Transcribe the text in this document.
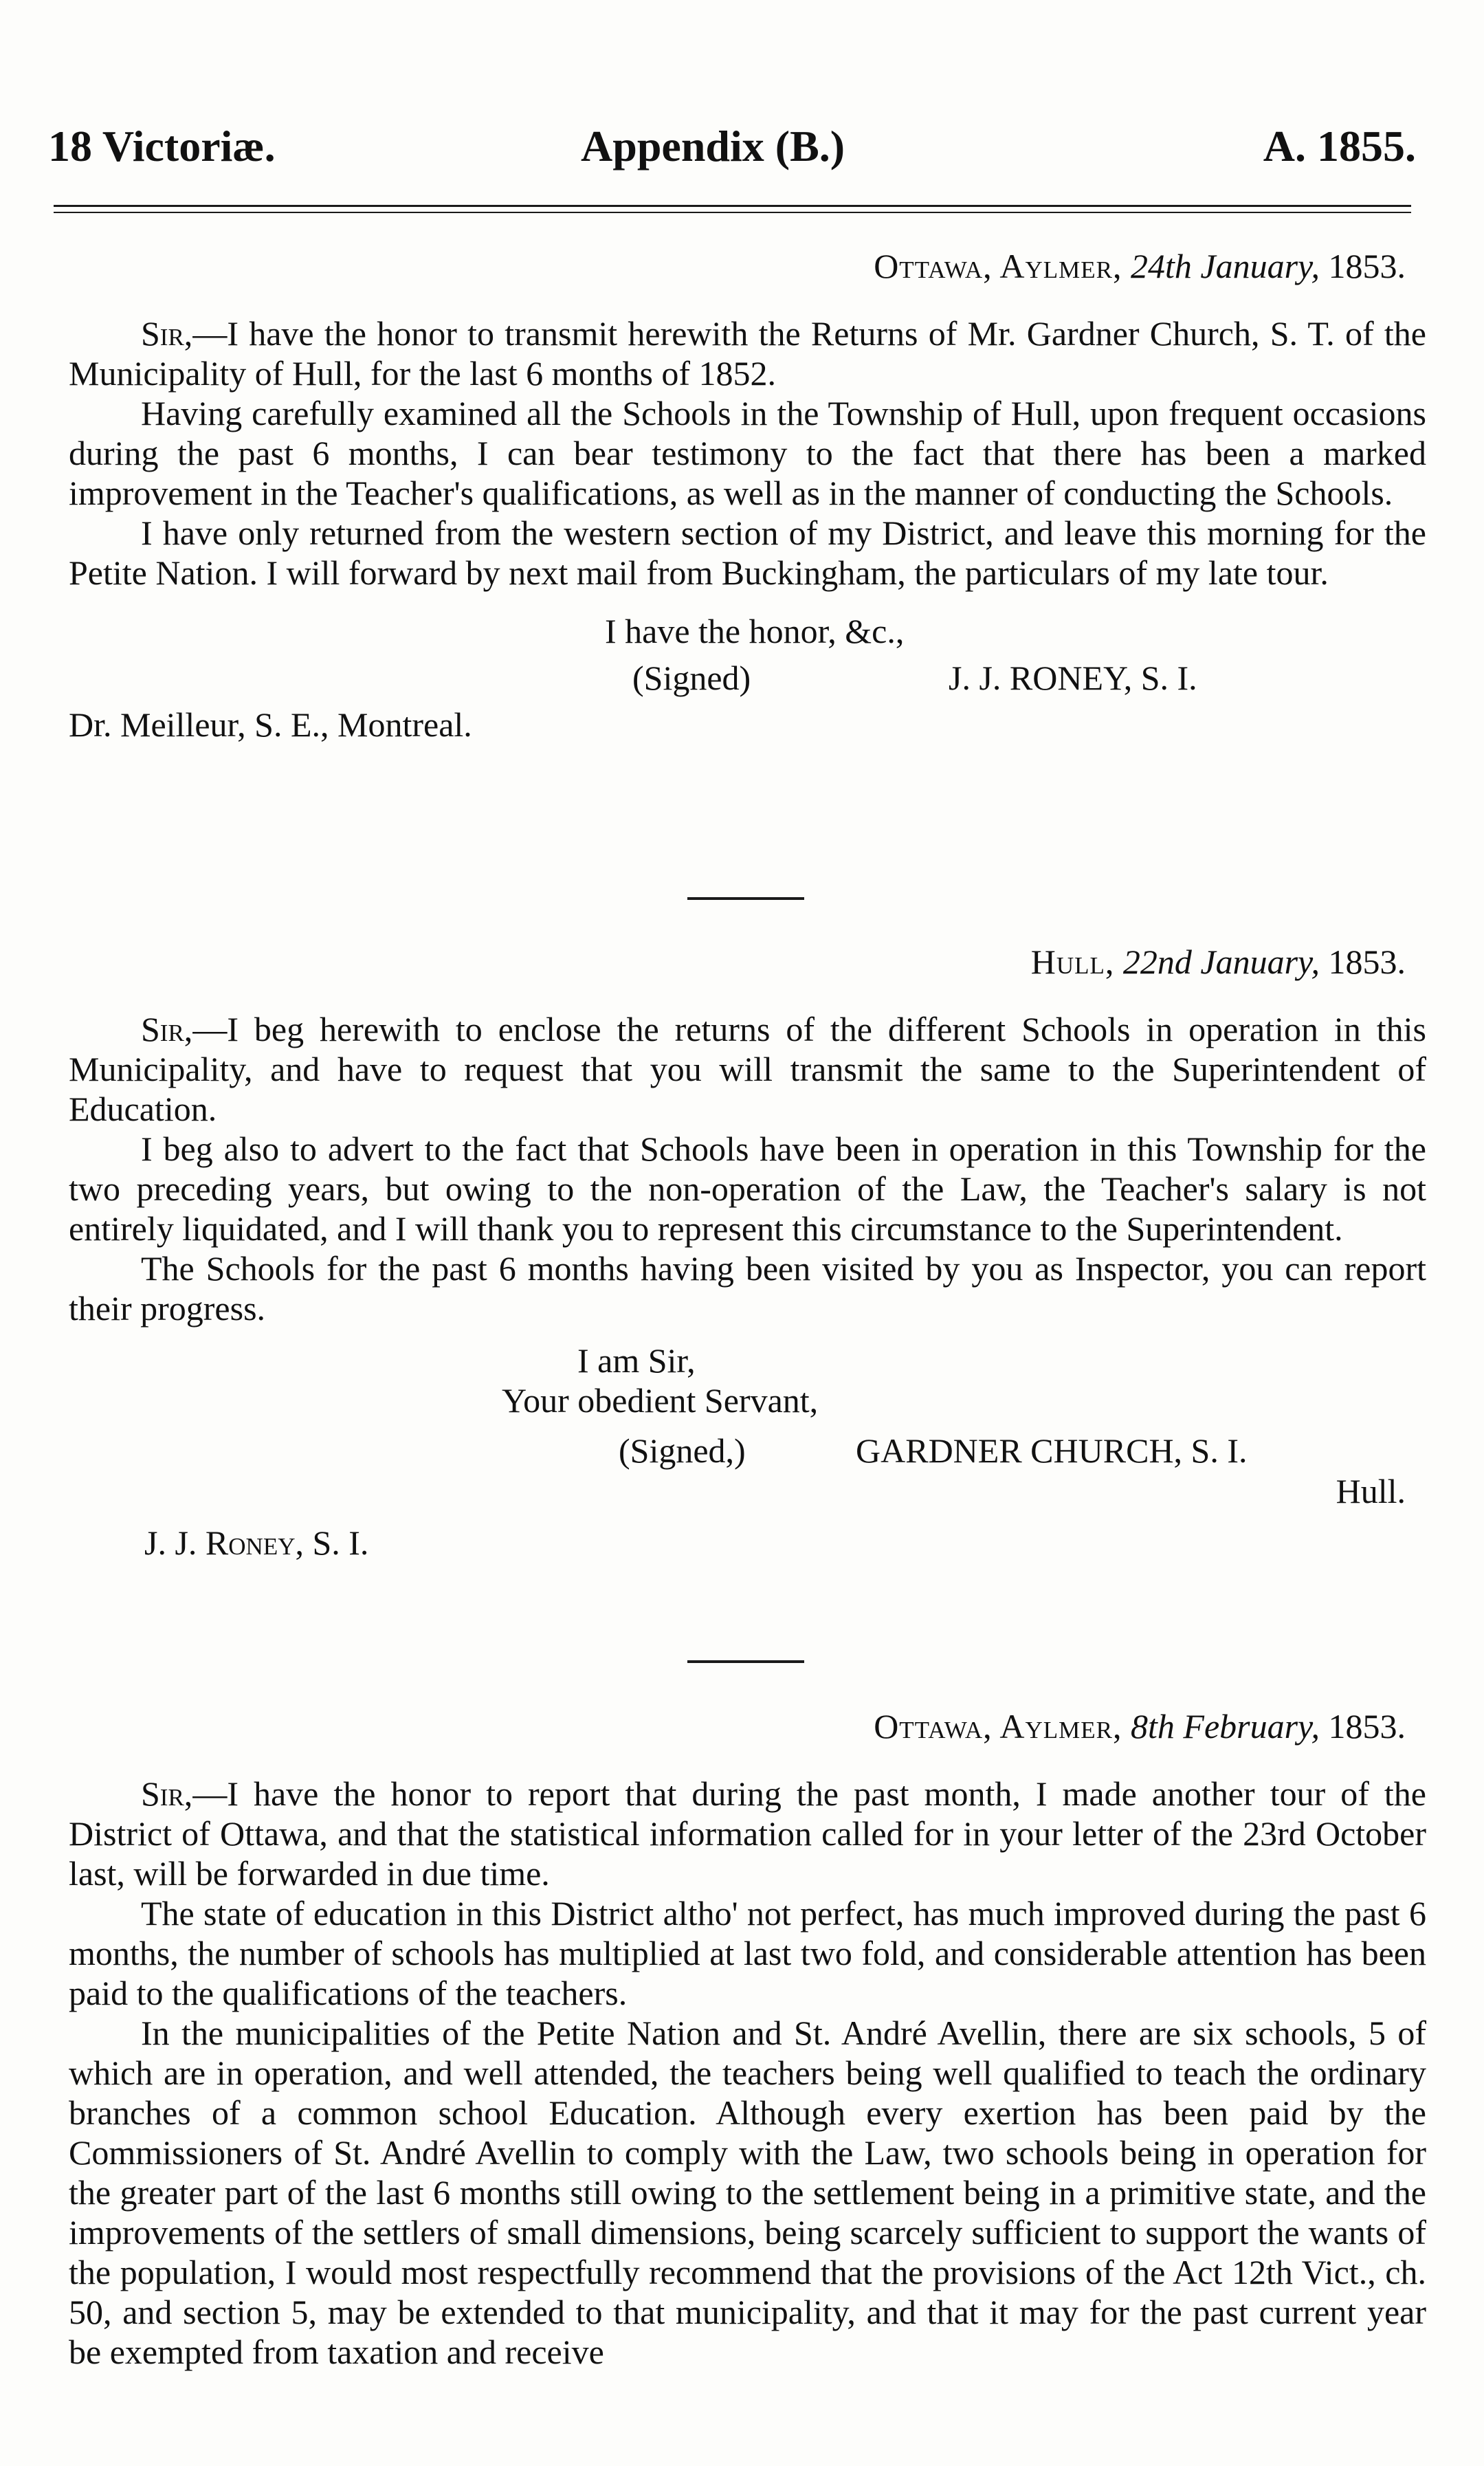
18 Victoriæ.	Appendix (B.)	A. 1855.
Ottawa, Aylmer, 24th January, 1853.

Sir,—I have the honor to transmit herewith the Returns of Mr. Gardner Church, S. T. of the Municipality of Hull, for the last 6 months of 1852.

Having carefully examined all the Schools in the Township of Hull, upon frequent occasions during the past 6 months, I can bear testimony to the fact that there has been a marked improvement in the Teacher's qualifications, as well as in the manner of conducting the Schools.

I have only returned from the western section of my District, and leave this morning for the Petite Nation. I will forward by next mail from Buckingham, the particulars of my late tour.

I have the honor, &c.,

(Signed)	J. J. RONEY, S. I.

Dr. Meilleur, S. E., Montreal.

Hull, 22nd January, 1853.

Sir,—I beg herewith to enclose the returns of the different Schools in operation in this Municipality, and have to request that you will transmit the same to the Superintendent of Education.

I beg also to advert to the fact that Schools have been in operation in this Township for the two preceding years, but owing to the non-operation of the Law, the Teacher's salary is not entirely liquidated, and I will thank you to represent this circumstance to the Superintendent.

The Schools for the past 6 months having been visited by you as Inspector, you can report their progress.

I am Sir,

Your obedient Servant,

(Signed,)	GARDNER CHURCH, S. I.

Hull.

J. J. Roney, S. I.

Ottawa, Aylmer, 8th February, 1853.

Sir,—I have the honor to report that during the past month, I made another tour of the District of Ottawa, and that the statistical information called for in your letter of the 23rd October last, will be forwarded in due time.

The state of education in this District altho' not perfect, has much improved during the past 6 months, the number of schools has multiplied at last two fold, and considerable attention has been paid to the qualifications of the teachers.

In the municipalities of the Petite Nation and St. André Avellin, there are six schools, 5 of which are in operation, and well attended, the teachers being well qualified to teach the ordinary branches of a common school Education. Although every exertion has been paid by the Commissioners of St. André Avellin to comply with the Law, two schools being in operation for the greater part of the last 6 months still owing to the settlement being in a primitive state, and the improvements of the settlers of small dimensions, being scarcely sufficient to support the wants of the population, I would most respectfully recommend that the provisions of the Act 12th Vict., ch. 50, and section 5, may be extended to that municipality, and that it may for the past current year be exempted from taxation and receive
